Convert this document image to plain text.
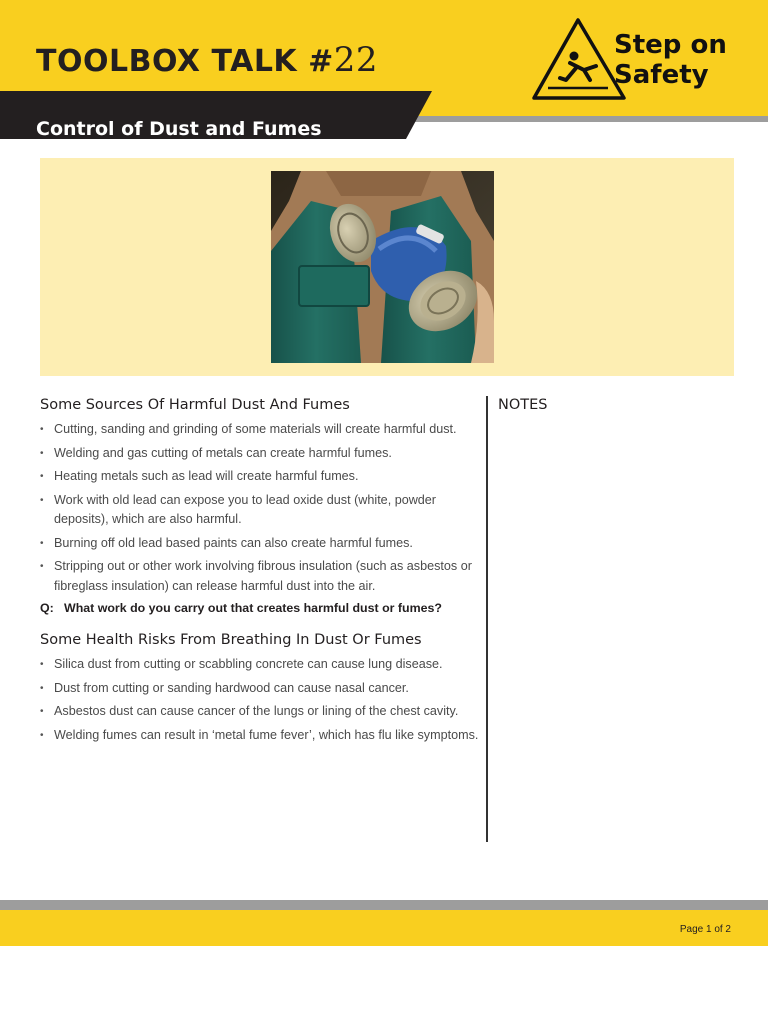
TOOLBOX TALK #22
Control of Dust and Fumes
Step on
Safety
Some Sources Of Harmful Dust And Fumes
• Cutting, sanding and grinding of some materials will create harmful dust.
• Welding and gas cutting of metals can create harmful fumes.
• Heating metals such as lead will create harmful fumes.
• Work with old lead can expose you to lead oxide dust (white, powder deposits), which are also harmful.
• Burning off old lead based paints can also create harmful fumes.
• Stripping out or other work involving fibrous insulation (such as asbestos or fibreglass insulation) can release harmful dust into the air.
Q: What work do you carry out that creates harmful dust or fumes?
Some Health Risks From Breathing In Dust Or Fumes
• Silica dust from cutting or scabbling concrete can cause lung disease.
• Dust from cutting or sanding hardwood can cause nasal cancer.
• Asbestos dust can cause cancer of the lungs or lining of the chest cavity.
• Welding fumes can result in ‘metal fume fever’, which has flu like symptoms.
NOTES
Page 1 of 2
